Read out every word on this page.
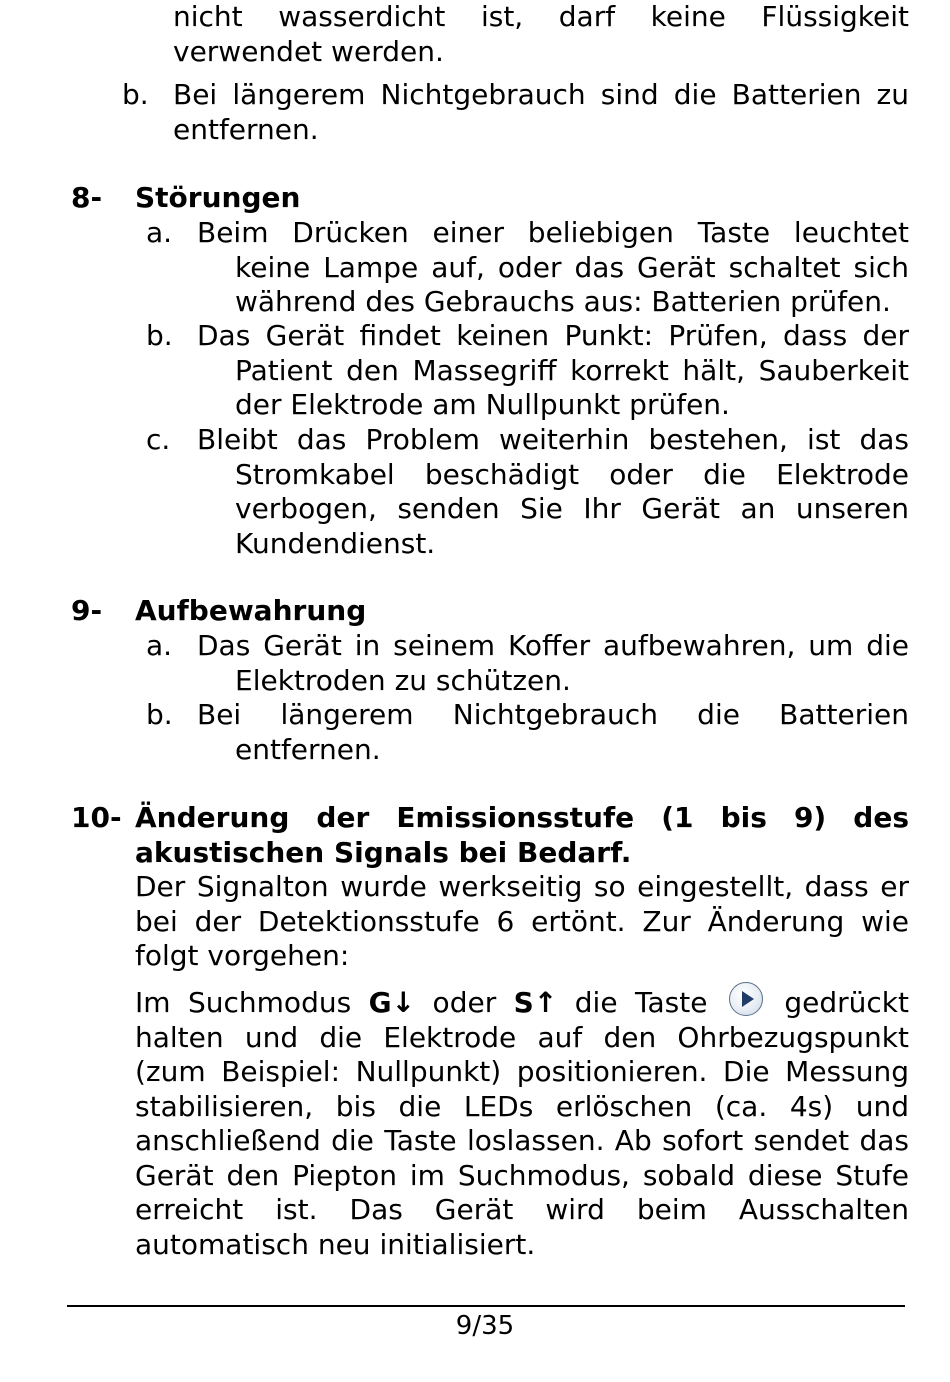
nicht wasserdicht ist, darf keine Flüssigkeit verwendet werden.
b. Bei längerem Nichtgebrauch sind die Batterien zu entfernen.
8- Störungen
a. Beim Drücken einer beliebigen Taste leuchtet keine Lampe auf, oder das Gerät schaltet sich während des Gebrauchs aus: Batterien prüfen.
b. Das Gerät findet keinen Punkt: Prüfen, dass der Patient den Massegriff korrekt hält, Sauberkeit der Elektrode am Nullpunkt prüfen.
c. Bleibt das Problem weiterhin bestehen, ist das Stromkabel beschädigt oder die Elektrode verbogen, senden Sie Ihr Gerät an unseren Kundendienst.
9- Aufbewahrung
a. Das Gerät in seinem Koffer aufbewahren, um die Elektroden zu schützen.
b. Bei längerem Nichtgebrauch die Batterien entfernen.
10- Änderung der Emissionsstufe (1 bis 9) des akustischen Signals bei Bedarf.
Der Signalton wurde werkseitig so eingestellt, dass er bei der Detektionsstufe 6 ertönt. Zur Änderung wie folgt vorgehen:
Im Suchmodus G↓ oder S↑ die Taste  gedrückt halten und die Elektrode auf den Ohrbezugspunkt (zum Beispiel: Nullpunkt) positionieren. Die Messung stabilisieren, bis die LEDs erlöschen (ca. 4s) und anschließend die Taste loslassen. Ab sofort sendet das Gerät den Piepton im Suchmodus, sobald diese Stufe erreicht ist. Das Gerät wird beim Ausschalten automatisch neu initialisiert.
9/35
